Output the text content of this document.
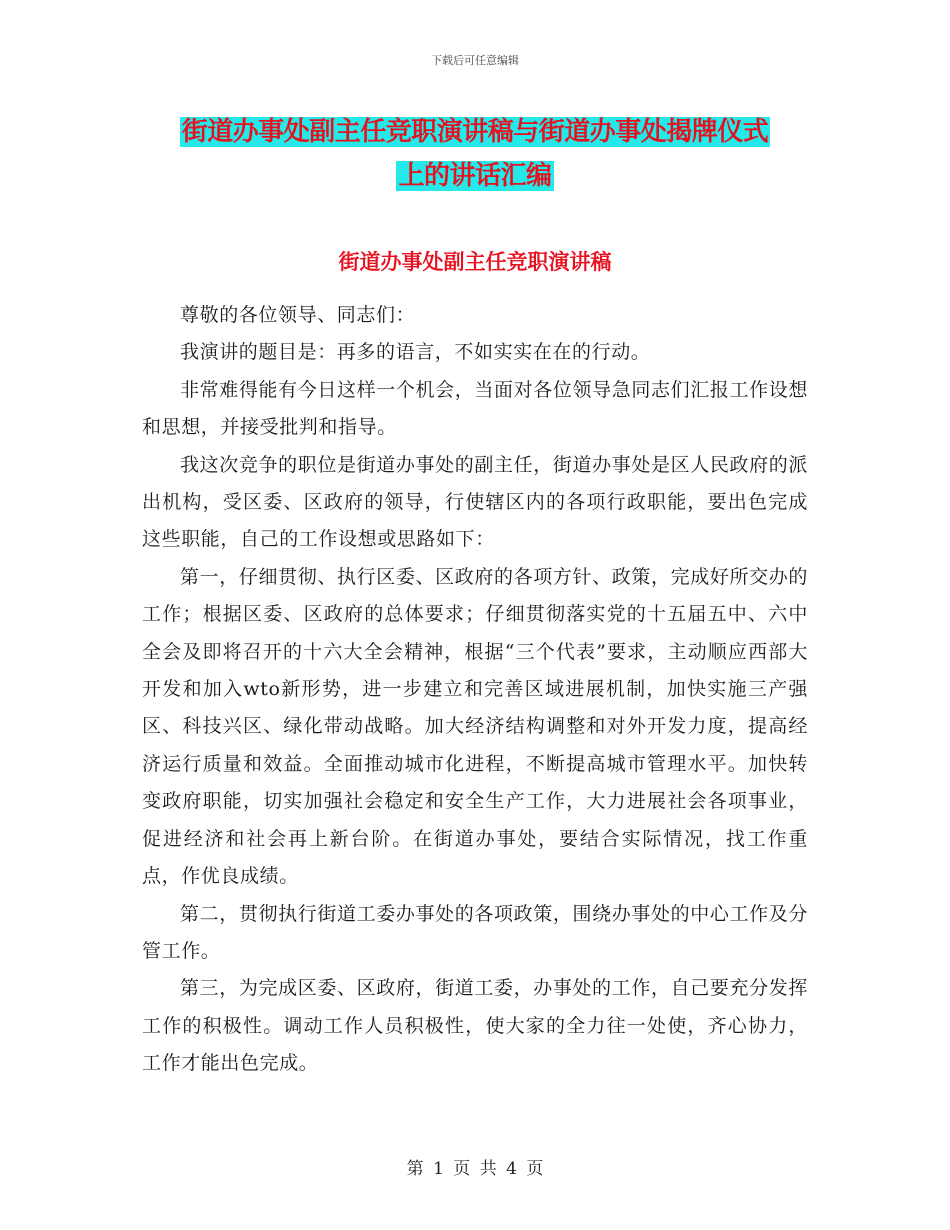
下载后可任意编辑
街道办事处副主任竞职演讲稿与街道办事处揭牌仪式
上的讲话汇编
街道办事处副主任竞职演讲稿

尊敬的各位领导、同志们：

我演讲的题目是：再多的语言，不如实实在在的行动。

非常难得能有今日这样一个机会，当面对各位领导急同志们汇报工作设想和思想，并接受批判和指导。

我这次竞争的职位是街道办事处的副主任，街道办事处是区人民政府的派出机构，受区委、区政府的领导，行使辖区内的各项行政职能，要出色完成这些职能，自己的工作设想或思路如下：

第一，仔细贯彻、执行区委、区政府的各项方针、政策，完成好所交办的工作；根据区委、区政府的总体要求；仔细贯彻落实党的十五届五中、六中全会及即将召开的十六大全会精神，根据“三个代表”要求，主动顺应西部大开发和加入wto新形势，进一步建立和完善区域进展机制，加快实施三产强区、科技兴区、绿化带动战略。加大经济结构调整和对外开发力度，提高经济运行质量和效益。全面推动城市化进程，不断提高城市管理水平。加快转变政府职能，切实加强社会稳定和安全生产工作，大力进展社会各项事业，促进经济和社会再上新台阶。在街道办事处，要结合实际情况，找工作重点，作优良成绩。

第二，贯彻执行街道工委办事处的各项政策，围绕办事处的中心工作及分管工作。

第三，为完成区委、区政府，街道工委，办事处的工作，自己要充分发挥工作的积极性。调动工作人员积极性，使大家的全力往一处使，齐心协力，工作才能出色完成。

第 1 页 共 4 页
